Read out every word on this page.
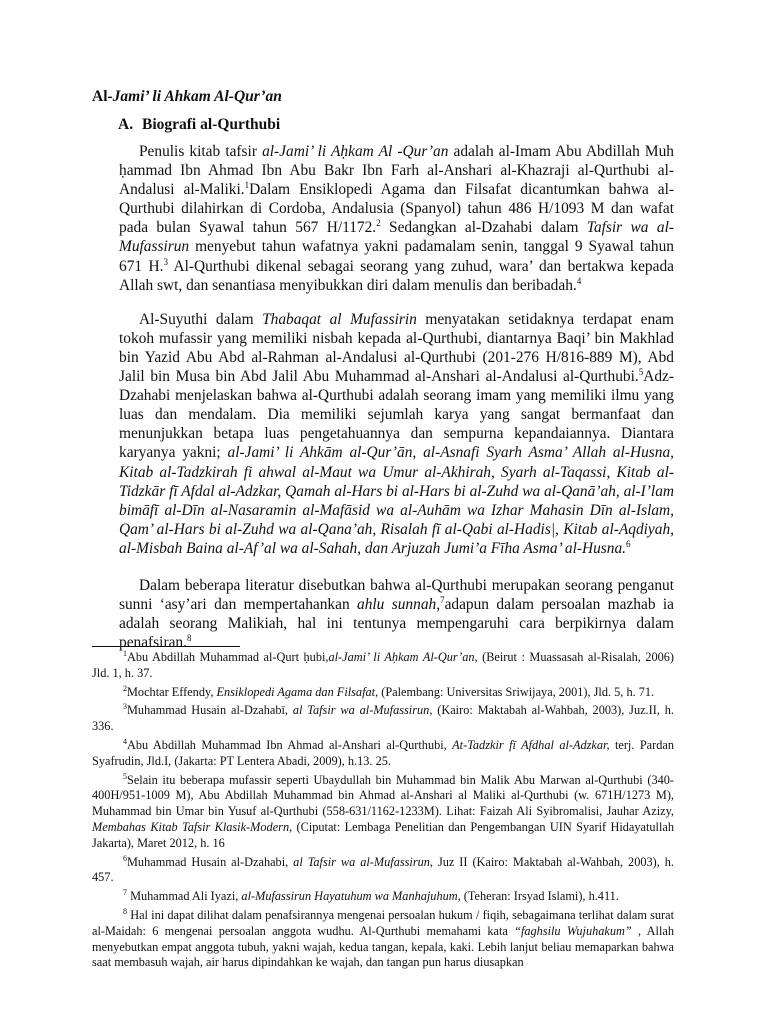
Al-Jami’ li Ahkam Al-Qur’an

A. Biografi al-Qurthubi

Penulis kitab tafsir al-Jami’ li Aḥkam Al -Qur’an adalah al-Imam Abu Abdillah Muh ḥammad Ibn Ahmad Ibn Abu Bakr Ibn Farh al-Anshari al-Khazraji al-Qurthubi al-Andalusi al-Maliki.$^1$Dalam Ensiklopedi Agama dan Filsafat dicantumkan bahwa al-Qurthubi dilahirkan di Cordoba, Andalusia (Spanyol) tahun 486 H/1093 M dan wafat pada bulan Syawal tahun 567 H/1172.$^2$ Sedangkan al-Dzahabi dalam Tafsir wa al-Mufassirun menyebut tahun wafatnya yakni padamalam senin, tanggal 9 Syawal tahun 671 H.$^3$ Al-Qurthubi dikenal sebagai seorang yang zuhud, wara’ dan bertakwa kepada Allah swt, dan senantiasa menyibukkan diri dalam menulis dan beribadah.$^4$

Al-Suyuthi dalam Thabaqat al Mufassirin menyatakan setidaknya terdapat enam tokoh mufassir yang memiliki nisbah kepada al-Qurthubi, diantarnya Baqi’ bin Makhlad bin Yazid Abu Abd al-Rahman al-Andalusi al-Qurthubi (201-276 H/816-889 M), Abd Jalil bin Musa bin Abd Jalil Abu Muhammad al-Anshari al-Andalusi al-Qurthubi.$^5$Adz-Dzahabi menjelaskan bahwa al-Qurthubi adalah seorang imam yang memiliki ilmu yang luas dan mendalam. Dia memiliki sejumlah karya yang sangat bermanfaat dan menunjukkan betapa luas pengetahuannya dan sempurna kepandaiannya. Diantara karyanya yakni; al-Jami’ li Ahkām al-Qur’ān, al-Asnafi Syarh Asma’ Allah al-Husna, Kitab al-Tadzkirah fi ahwal al-Maut wa Umur al-Akhirah, Syarh al-Taqassi, Kitab al-Tidzkār fī Afdal al-Adzkar, Qamah al-Hars bi al-Hars bi al-Zuhd wa al-Qanā’ah, al-I’lam bimāfī al-Dīn al-Nasaramin al-Mafāsid wa al-Auhām wa Izhar Mahasin Dīn al-Islam, Qam’ al-Hars bi al-Zuhd wa al-Qana’ah, Risalah fī al-Qabi al-Hadis|, Kitab al-Aqdiyah, al-Misbah Baina al-Af’al wa al-Sahah, dan Arjuzah Jumi’a Fīha Asma’ al-Husna.$^6$

Dalam beberapa literatur disebutkan bahwa al-Qurthubi merupakan seorang penganut sunni ‘asy’ari dan mempertahankan ahlu sunnah,$^7$adapun dalam persoalan mazhab ia adalah seorang Malikiah, hal ini tentunya mempengaruhi cara berpikirnya dalam penafsiran.$^8$

$^1$Abu Abdillah Muhammad al-Qurt ḥubi,al-Jami’ li Aḥkam Al-Qur’an, (Beirut : Muassasah al-Risalah, 2006) Jld. 1, h. 37.

$^2$Mochtar Effendy, Ensiklopedi Agama dan Filsafat, (Palembang: Universitas Sriwijaya, 2001), Jld. 5, h. 71.

$^3$Muhammad Husain al-Dzahabī, al Tafsir wa al-Mufassirun, (Kairo: Maktabah al-Wahbah, 2003), Juz.II, h. 336.

$^4$Abu Abdillah Muhammad Ibn Ahmad al-Anshari al-Qurthubi, At-Tadzkir fī Afdhal al-Adzkar, terj. Pardan Syafrudin, Jld.I, (Jakarta: PT Lentera Abadi, 2009), h.13. 25.

$^5$Selain itu beberapa mufassir seperti Ubaydullah bin Muhammad bin Malik Abu Marwan al-Qurthubi (340-400H/951-1009 M), Abu Abdillah Muhammad bin Ahmad al-Anshari al Maliki al-Qurthubi (w. 671H/1273 M), Muhammad bin Umar bin Yusuf al-Qurthubi (558-631/1162-1233M). Lihat: Faizah Ali Syibromalisi, Jauhar Azizy, Membahas Kitab Tafsir Klasik-Modern, (Ciputat: Lembaga Penelitian dan Pengembangan UIN Syarif Hidayatullah Jakarta), Maret 2012, h. 16

$^6$Muhammad Husain al-Dzahabi, al Tafsir wa al-Mufassirun, Juz II (Kairo: Maktabah al-Wahbah, 2003), h. 457.

$^7$ Muhammad Ali Iyazi, al-Mufassirun Hayatuhum wa Manhajuhum, (Teheran: Irsyad Islami), h.411.

$^8$ Hal ini dapat dilihat dalam penafsirannya mengenai persoalan hukum / fiqih, sebagaimana terlihat dalam surat al-Maidah: 6 mengenai persoalan anggota wudhu. Al-Qurthubi memahami kata “faghsilu Wujuhakum” , Allah menyebutkan empat anggota tubuh, yakni wajah, kedua tangan, kepala, kaki. Lebih lanjut beliau memaparkan bahwa saat membasuh wajah, air harus dipindahkan ke wajah, dan tangan pun harus diusapkan
